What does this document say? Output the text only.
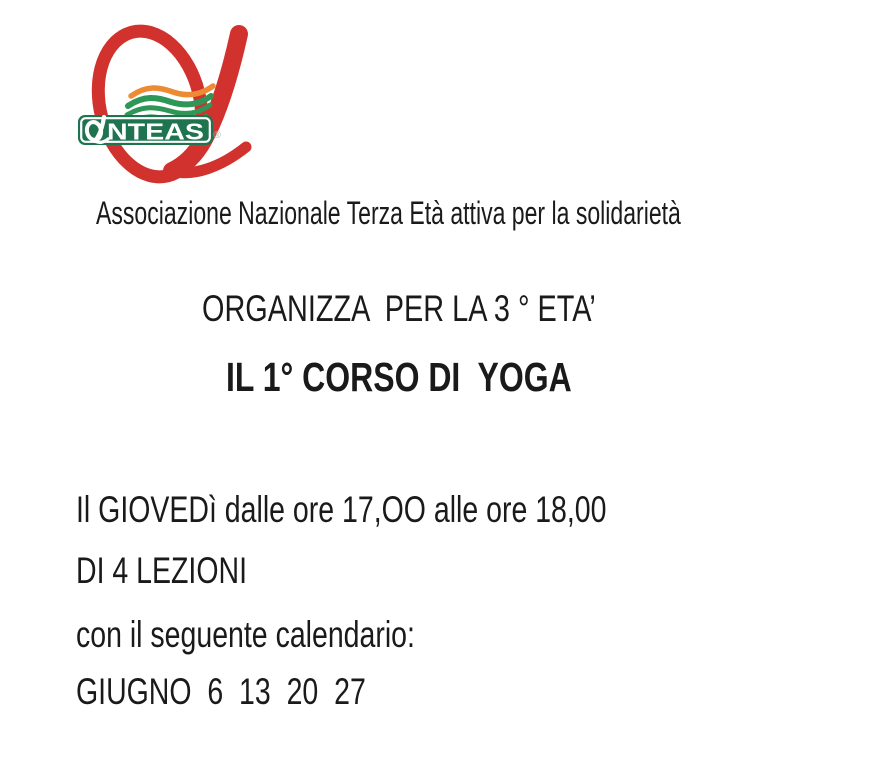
NTEAS ®
Associazione Nazionale Terza Età attiva per la solidarietà
ORGANIZZA  PER LA 3 ° ETA’
IL 1° CORSO DI  YOGA
Il GIOVEDì dalle ore 17,OO alle ore 18,00
DI 4 LEZIONI
con il seguente calendario:
GIUGNO  6  13  20  27
